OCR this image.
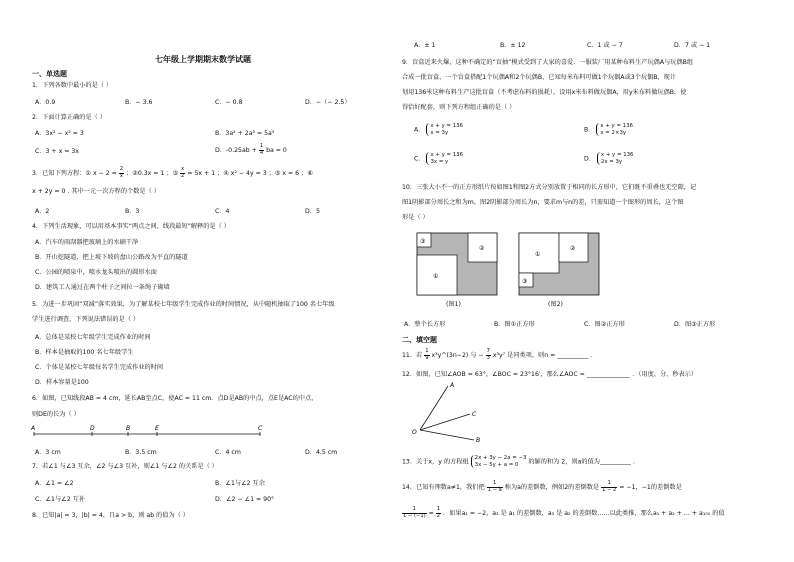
七年级上学期期末数学试题
一、单选题
1．下列各数中最小的是（ ）
A．0.9	B．− 3.6	C．− 0.8	D．−（− 2.5）
2．下面计算正确的是（ ）
A．3x² − x² = 3	B．3a² + 2a³ = 5a⁵
C．3 + x = 3x	D．$-0.25ab + \frac{1}{4}$ ba = 0
3．已知下列方程：① $x - 2 = \frac{2}{x}$ ；②0.3x = 1 ；③ $\frac{x}{2} = 5x + 1$ ；④ x² − 4y = 3 ；⑤ x = 6 ；⑥
x + 2y = 0 . 其中一元一次方程的个数是（ ）
A．2	B．3	C．4	D．5
4．下列生活现象，可以用基本事实“两点之间，线段最短”解释的是（ ）
A．汽车的雨刮器把玻璃上的水刷干净
B．开山挖隧道，把上坡下坡的盘山公路改为平直的隧道
C．公园的喷泉中，喷水龙头喷出的圆形水面
D．建筑工人通过在两个柱子之间拉一条绳子砌墙
5．为进一步巩固“双减”落实效果，为了解某校七年级学生完成作业的时间情况，从中随机抽取了100 名七年级
学生进行调查，下列说法错误的是（ ）
A．总体是某校七年级学生完成作业的时间
B．样本是抽取的100 名七年级学生
C．个体是某校七年级每名学生完成作业的时间
D．样本容量是100
6．如图，已知线段AB = 4 cm，延长AB至点C，使AC = 11 cm．点D是AB的中点，点E是AC的中点，
则DE的长为（ ）
A	D	B	E	C
A．3 cm	B．3.5 cm	C．4 cm	D．4.5 cm
7．若∠1 与∠3 互余，∠2 与∠3 互补，则∠1 与∠2 的关系是（ ）
A．∠1 = ∠2	B．∠1与∠2 互余
C．∠1与∠2 互补	D．∠2 − ∠1 = 90°
8．已知|a| = 3，|b| = 4，且a > b，则 ab 的值为（ ）
A．± 1	B．± 12	C．1 或 − 7	D．7 或 − 1
9．盲盒近来火爆，这种不确定的“盲抽”模式受到了大家的喜爱．一服装厂用某种布料生产玩偶A与玩偶B组
合成一批盲盒，一个盲盒搭配1个玩偶A和2个玩偶B，已知每米布料可做1个玩偶A或3个玩偶B，现计
划用136米这种布料生产这批盲盒（不考虑布料的损耗），设用x米布料做玩偶A，用y米布料做玩偶B，使
得恰好配套，则下列方程组正确的是（ ）
A． x + y = 136
x = 3y	B． x + y = 136
x = 2×3y
C． x + y = 136
3x = y	D． x + y = 136
2x = 3y
10．三张大小不一的正方形纸片按如图1和图2方式分别放置于相同的长方形中，它们既不重叠也无空隙，记
图1阴影部分周长之和为m，图2阴影部分周长为n，要求m与n的差，只需知道一个图形的周长，这个图
形是（ ）
③
②
①
(图1)
①
②
③
(图2)
A．整个长方形	B．图①正方形	C．图②正方形	D．图③正方形
二、填空题
11．若 $\frac{1}{9}$ x³y^(3n−2) 与 − $\frac{7}{3} x^3y^7$ 是同类项，则n = __________ .
12．如图，已知∠AOB = 63°，∠BOC = 23°16′，那么∠AOC = ______________ ．（用度、分、秒表示）
A
C
B
O
13．关于x，y 的方程组 2x + 3y − 2a = −3
3x − 5y + a = 0 的解的和为 2，则a的值为__________ .
14．已知有理数a≠1，我们把 $\frac{1}{1 - a}$ 称为a的差倒数，例如2的差倒数是 $\frac{1}{1 - 2} = -1$，−1的差倒数是
$\frac{1}{1 - (-1)} = \frac{1}{2}$ ．如果a₁ = −2，a₂ 是 a₁ 的差倒数，a₃ 是 a₂ 的差倒数……以此类推，那么a₁ + a₂ + … + a₁₀₀ 的值
